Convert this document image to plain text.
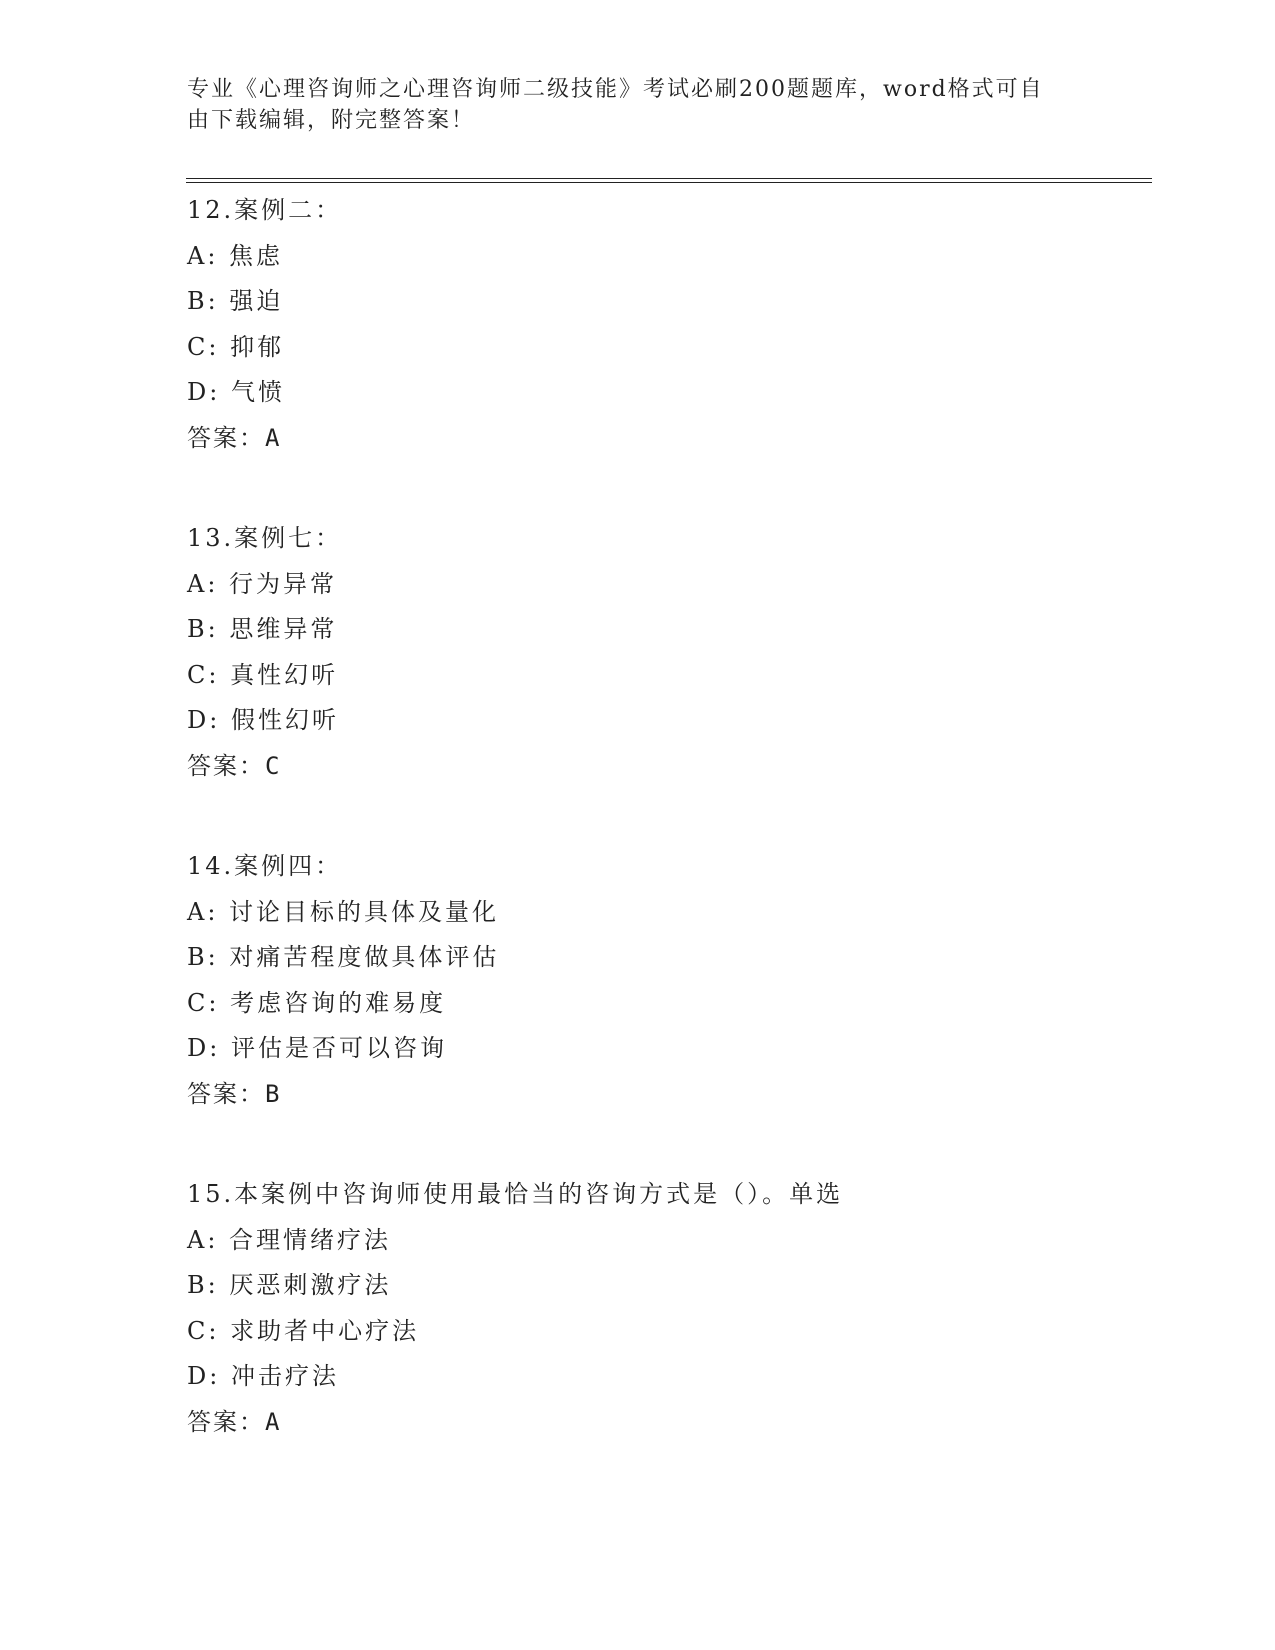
专业《心理咨询师之心理咨询师二级技能》考试必刷200题题库，word格式可自
由下载编辑，附完整答案！
12.案例二：
A: 焦虑
B: 强迫
C: 抑郁
D: 气愤
答案：A
13.案例七：
A: 行为异常
B: 思维异常
C: 真性幻听
D: 假性幻听
答案：C
14.案例四：
A: 讨论目标的具体及量化
B: 对痛苦程度做具体评估
C: 考虑咨询的难易度
D: 评估是否可以咨询
答案：B
15.本案例中咨询师使用最恰当的咨询方式是（）。单选
A: 合理情绪疗法
B: 厌恶刺激疗法
C: 求助者中心疗法
D: 冲击疗法
答案：A
